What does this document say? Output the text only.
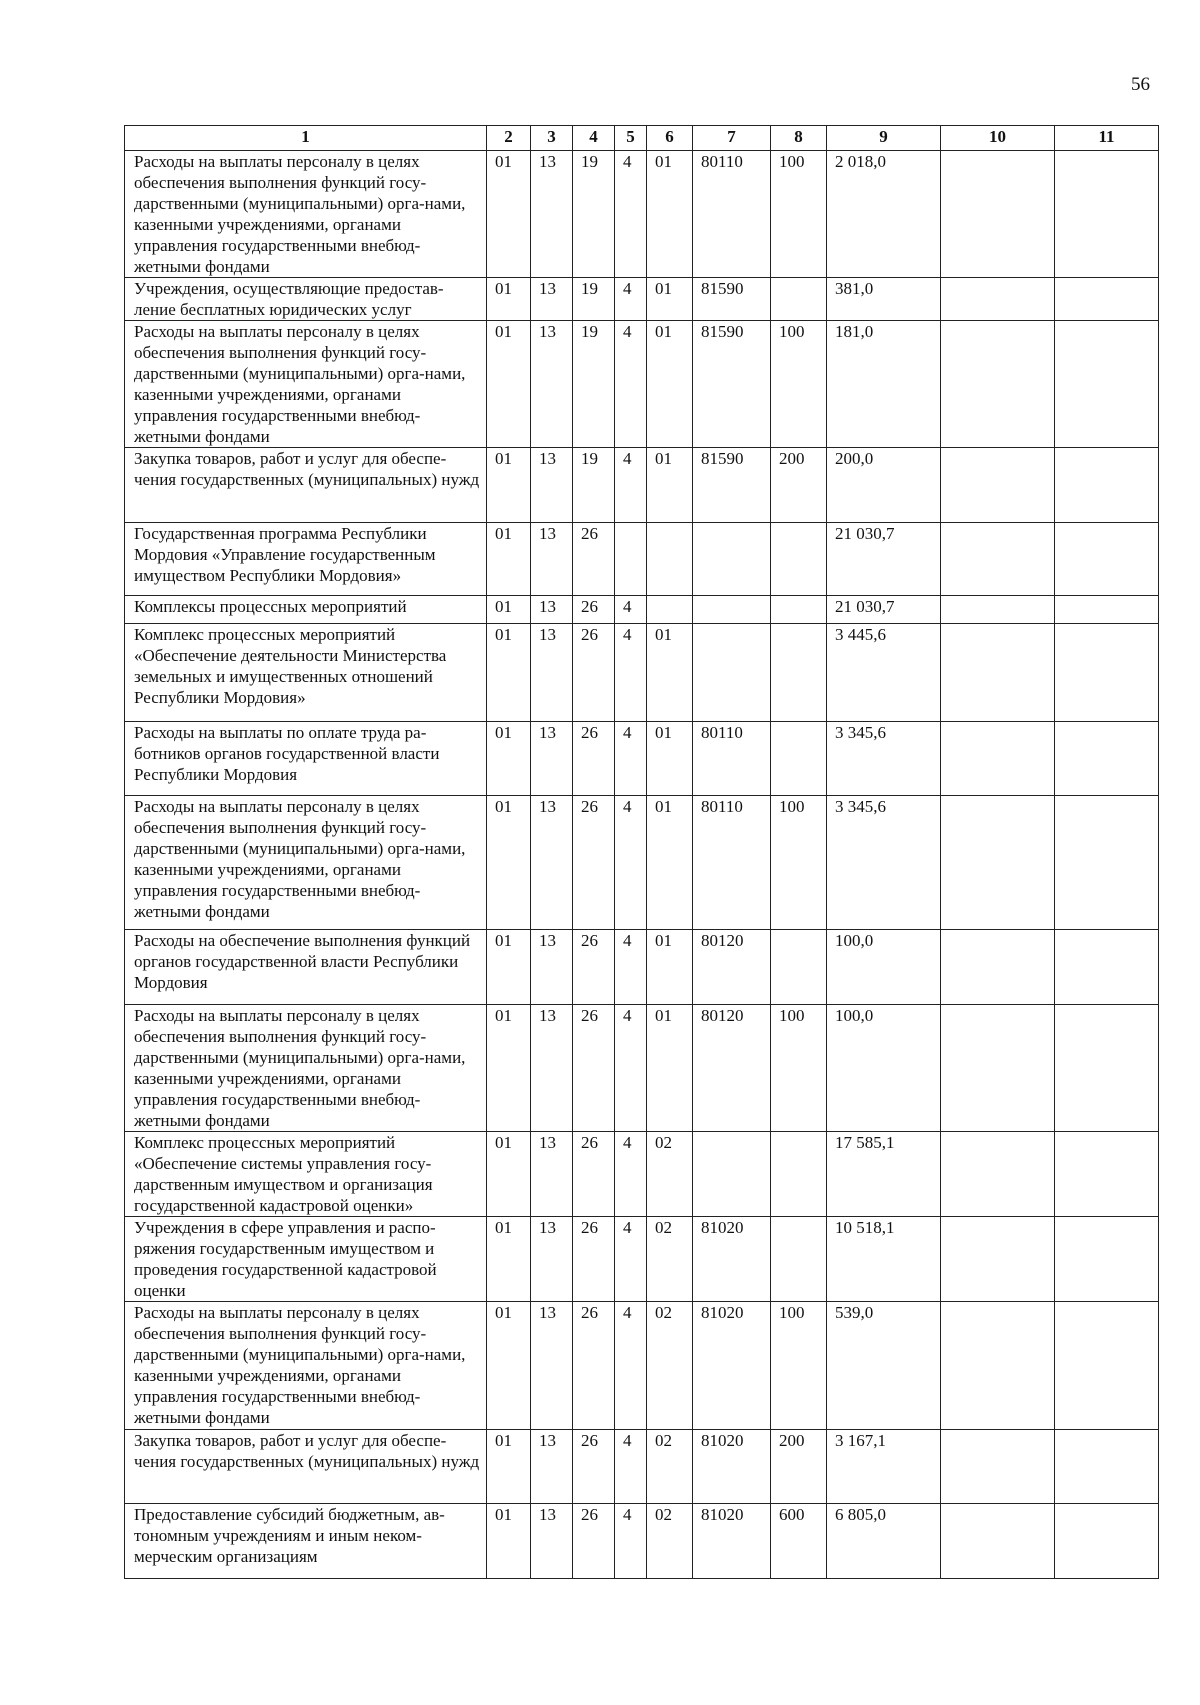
56
1	2	3	4	5	6	7	8	9	10	11
Расходы на выплаты персоналу в целях обеспечения выполнения функций госу-дарственными (муниципальными) орга-нами, казенными учреждениями, органами управления государственными внебюд-жетными фондами	01	13	19	4	01	80110	100	2 018,0		
Учреждения, осуществляющие предостав-ление бесплатных юридических услуг	01	13	19	4	01	81590		381,0		
Расходы на выплаты персоналу в целях обеспечения выполнения функций госу-дарственными (муниципальными) орга-нами, казенными учреждениями, органами управления государственными внебюд-жетными фондами	01	13	19	4	01	81590	100	181,0		
Закупка товаров, работ и услуг для обеспе-чения государственных (муниципальных) нужд	01	13	19	4	01	81590	200	200,0		
Государственная программа Республики Мордовия «Управление государственным имуществом Республики Мордовия»	01	13	26					21 030,7		
Комплексы процессных мероприятий	01	13	26	4				21 030,7		
Комплекс процессных мероприятий «Обеспечение деятельности Министерства земельных и имущественных отношений Республики Мордовия»	01	13	26	4	01			3 445,6		
Расходы на выплаты по оплате труда ра-ботников органов государственной власти Республики Мордовия	01	13	26	4	01	80110		3 345,6		
Расходы на выплаты персоналу в целях обеспечения выполнения функций госу-дарственными (муниципальными) орга-нами, казенными учреждениями, органами управления государственными внебюд-жетными фондами	01	13	26	4	01	80110	100	3 345,6		
Расходы на обеспечение выполнения функций органов государственной власти Республики Мордовия	01	13	26	4	01	80120		100,0		
Расходы на выплаты персоналу в целях обеспечения выполнения функций госу-дарственными (муниципальными) орга-нами, казенными учреждениями, органами управления государственными внебюд-жетными фондами	01	13	26	4	01	80120	100	100,0		
Комплекс процессных мероприятий «Обеспечение системы управления госу-дарственным имуществом и организация государственной кадастровой оценки»	01	13	26	4	02			17 585,1		
Учреждения в сфере управления и распо-ряжения государственным имуществом и проведения государственной кадастровой оценки	01	13	26	4	02	81020		10 518,1		
Расходы на выплаты персоналу в целях обеспечения выполнения функций госу-дарственными (муниципальными) орга-нами, казенными учреждениями, органами управления государственными внебюд-жетными фондами	01	13	26	4	02	81020	100	539,0		
Закупка товаров, работ и услуг для обеспе-чения государственных (муниципальных) нужд	01	13	26	4	02	81020	200	3 167,1		
Предоставление субсидий бюджетным, ав-тономным учреждениям и иным неком-мерческим организациям	01	13	26	4	02	81020	600	6 805,0		
